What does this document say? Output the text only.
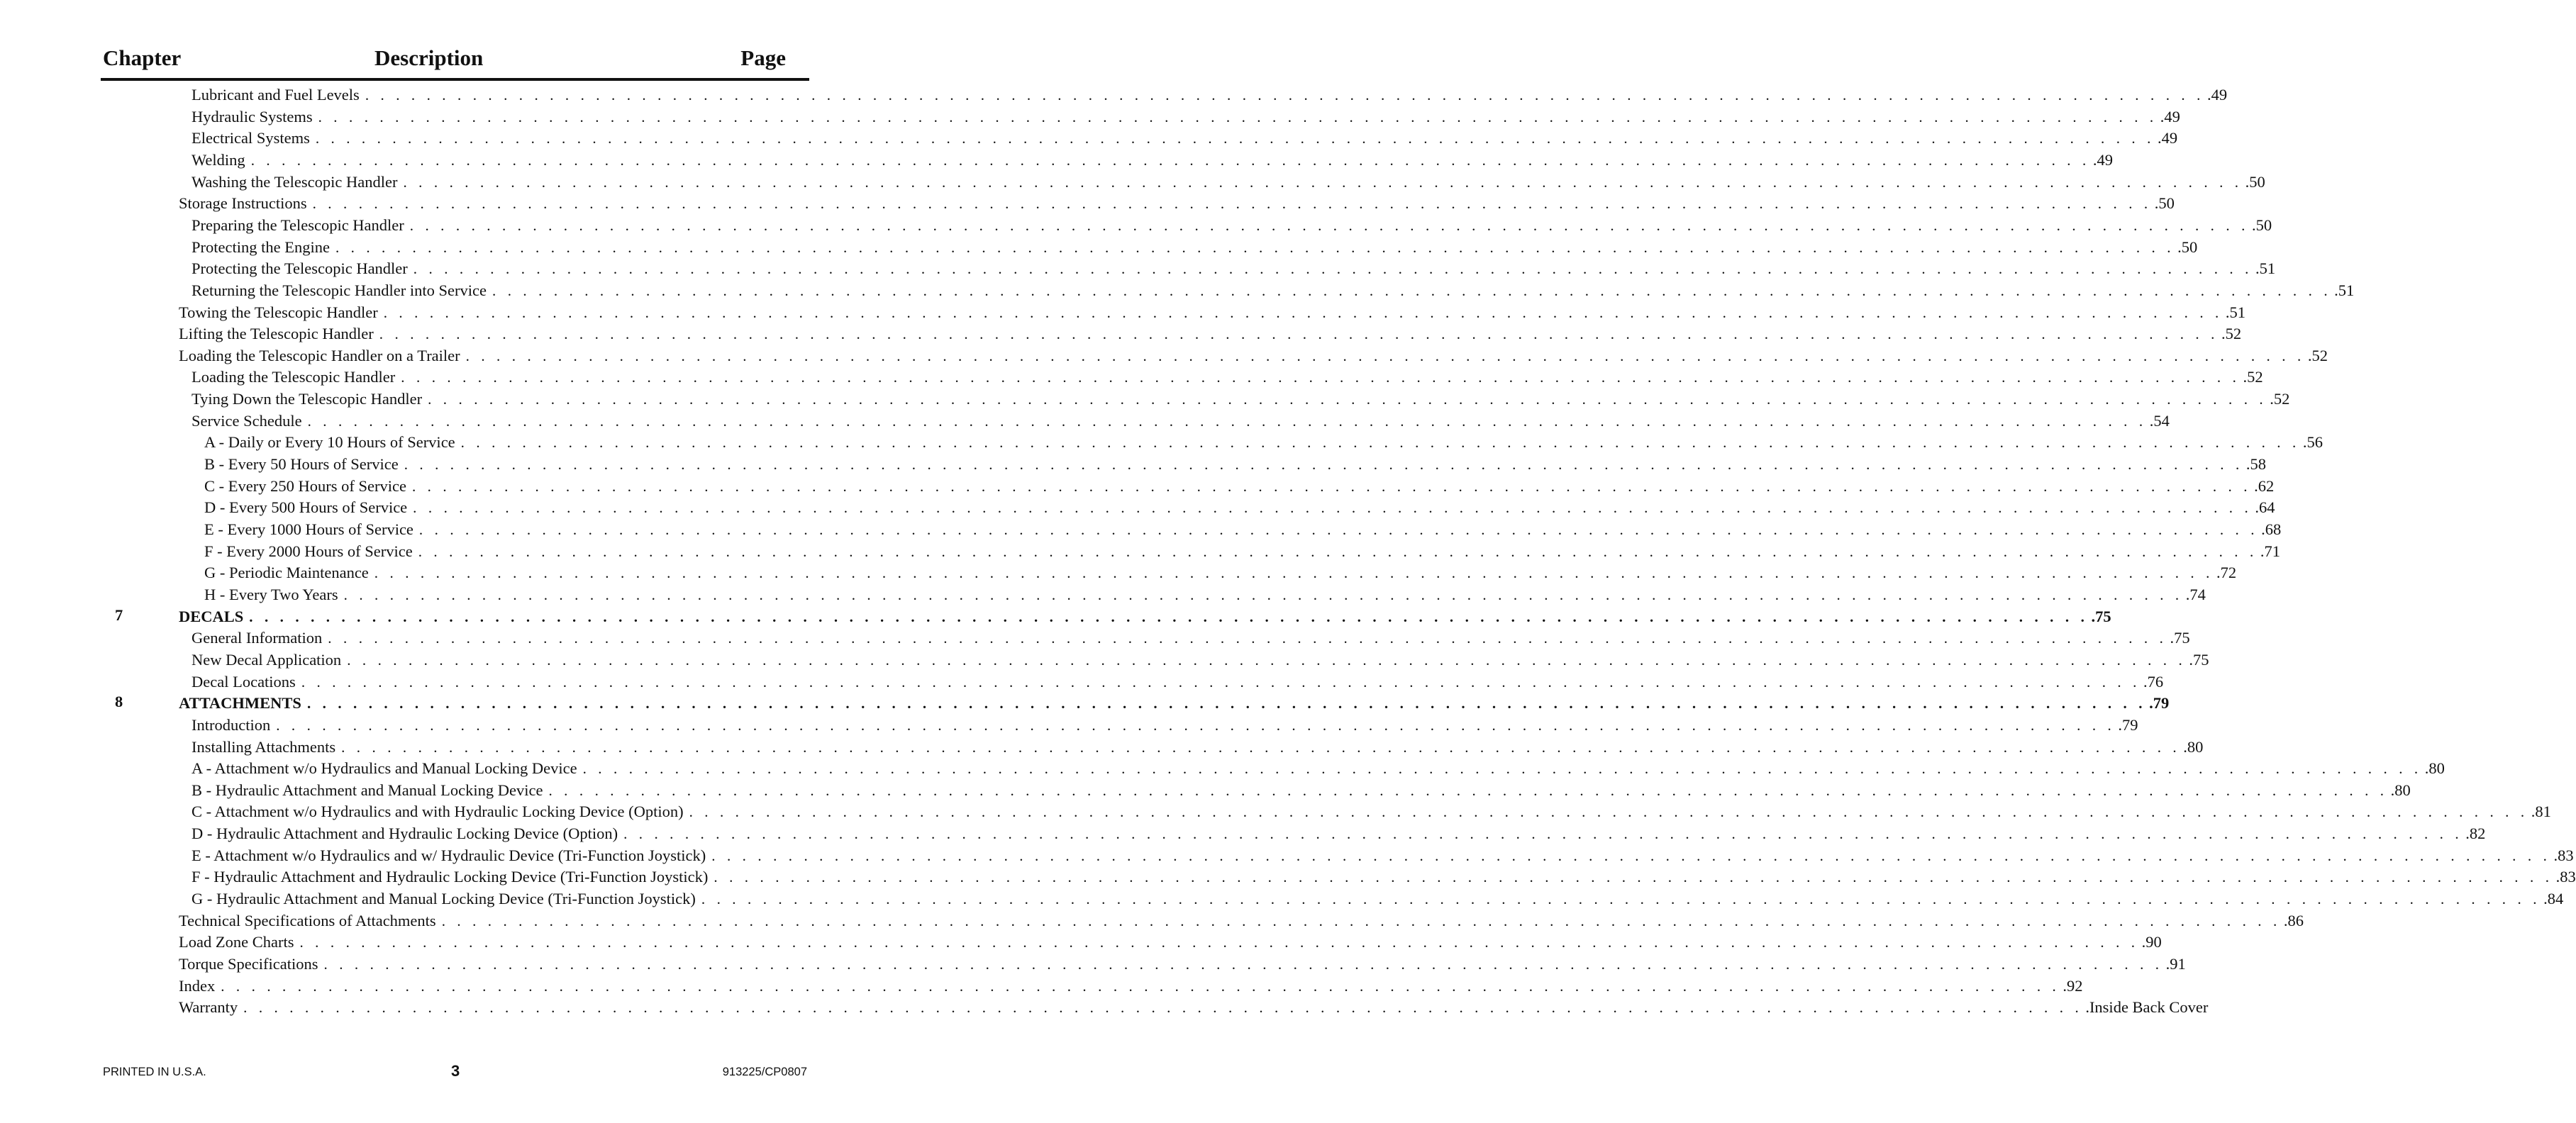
Chapter	Description	Page
Lubricant and Fuel Levels . . . . . . . . . . . . . . . . . . . . . . . . . . . . . . . . . . . . . . . . . . . . . . . . . . . . . . . . . . . . . . . . . . . . . . . . . . . . . . . . . . . . . . . . . . . . . . . . . . . . . . . . . . . . . . . . . . . . . . . . .49
Hydraulic Systems . . . . . . . . . . . . . . . . . . . . . . . . . . . . . . . . . . . . . . . . . . . . . . . . . . . . . . . . . . . . . . . . . . . . . . . . . . . . . . . . . . . . . . . . . . . . . . . . . . . . . . . . . . . . . . . . . . . . . . . . .49
Electrical Systems . . . . . . . . . . . . . . . . . . . . . . . . . . . . . . . . . . . . . . . . . . . . . . . . . . . . . . . . . . . . . . . . . . . . . . . . . . . . . . . . . . . . . . . . . . . . . . . . . . . . . . . . . . . . . . . . . . . . . . . . .49
Welding . . . . . . . . . . . . . . . . . . . . . . . . . . . . . . . . . . . . . . . . . . . . . . . . . . . . . . . . . . . . . . . . . . . . . . . . . . . . . . . . . . . . . . . . . . . . . . . . . . . . . . . . . . . . . . . . . . . . . . . . .49
Washing the Telescopic Handler . . . . . . . . . . . . . . . . . . . . . . . . . . . . . . . . . . . . . . . . . . . . . . . . . . . . . . . . . . . . . . . . . . . . . . . . . . . . . . . . . . . . . . . . . . . . . . . . . . . . . . . . . . . . . . . . . . . . . . . . .50
Storage Instructions . . . . . . . . . . . . . . . . . . . . . . . . . . . . . . . . . . . . . . . . . . . . . . . . . . . . . . . . . . . . . . . . . . . . . . . . . . . . . . . . . . . . . . . . . . . . . . . . . . . . . . . . . . . . . . . . . . . . . . . . .50
Preparing the Telescopic Handler . . . . . . . . . . . . . . . . . . . . . . . . . . . . . . . . . . . . . . . . . . . . . . . . . . . . . . . . . . . . . . . . . . . . . . . . . . . . . . . . . . . . . . . . . . . . . . . . . . . . . . . . . . . . . . . . . . . . . . . . .50
Protecting the Engine . . . . . . . . . . . . . . . . . . . . . . . . . . . . . . . . . . . . . . . . . . . . . . . . . . . . . . . . . . . . . . . . . . . . . . . . . . . . . . . . . . . . . . . . . . . . . . . . . . . . . . . . . . . . . . . . . . . . . . . . .50
Protecting the Telescopic Handler . . . . . . . . . . . . . . . . . . . . . . . . . . . . . . . . . . . . . . . . . . . . . . . . . . . . . . . . . . . . . . . . . . . . . . . . . . . . . . . . . . . . . . . . . . . . . . . . . . . . . . . . . . . . . . . . . . . . . . . . .51
Returning the Telescopic Handler into Service . . . . . . . . . . . . . . . . . . . . . . . . . . . . . . . . . . . . . . . . . . . . . . . . . . . . . . . . . . . . . . . . . . . . . . . . . . . . . . . . . . . . . . . . . . . . . . . . . . . . . . . . . . . . . . . . . . . . . . . . .51
Towing the Telescopic Handler . . . . . . . . . . . . . . . . . . . . . . . . . . . . . . . . . . . . . . . . . . . . . . . . . . . . . . . . . . . . . . . . . . . . . . . . . . . . . . . . . . . . . . . . . . . . . . . . . . . . . . . . . . . . . . . . . . . . . . . . .51
Lifting the Telescopic Handler . . . . . . . . . . . . . . . . . . . . . . . . . . . . . . . . . . . . . . . . . . . . . . . . . . . . . . . . . . . . . . . . . . . . . . . . . . . . . . . . . . . . . . . . . . . . . . . . . . . . . . . . . . . . . . . . . . . . . . . . .52
Loading the Telescopic Handler on a Trailer . . . . . . . . . . . . . . . . . . . . . . . . . . . . . . . . . . . . . . . . . . . . . . . . . . . . . . . . . . . . . . . . . . . . . . . . . . . . . . . . . . . . . . . . . . . . . . . . . . . . . . . . . . . . . . . . . . . . . . . . .52
Loading the Telescopic Handler . . . . . . . . . . . . . . . . . . . . . . . . . . . . . . . . . . . . . . . . . . . . . . . . . . . . . . . . . . . . . . . . . . . . . . . . . . . . . . . . . . . . . . . . . . . . . . . . . . . . . . . . . . . . . . . . . . . . . . . . .52
Tying Down the Telescopic Handler . . . . . . . . . . . . . . . . . . . . . . . . . . . . . . . . . . . . . . . . . . . . . . . . . . . . . . . . . . . . . . . . . . . . . . . . . . . . . . . . . . . . . . . . . . . . . . . . . . . . . . . . . . . . . . . . . . . . . . . . .52
Service Schedule . . . . . . . . . . . . . . . . . . . . . . . . . . . . . . . . . . . . . . . . . . . . . . . . . . . . . . . . . . . . . . . . . . . . . . . . . . . . . . . . . . . . . . . . . . . . . . . . . . . . . . . . . . . . . . . . . . . . . . . . .54
A - Daily or Every 10 Hours of Service . . . . . . . . . . . . . . . . . . . . . . . . . . . . . . . . . . . . . . . . . . . . . . . . . . . . . . . . . . . . . . . . . . . . . . . . . . . . . . . . . . . . . . . . . . . . . . . . . . . . . . . . . . . . . . . . . . . . . . . . .56
B - Every 50 Hours of Service . . . . . . . . . . . . . . . . . . . . . . . . . . . . . . . . . . . . . . . . . . . . . . . . . . . . . . . . . . . . . . . . . . . . . . . . . . . . . . . . . . . . . . . . . . . . . . . . . . . . . . . . . . . . . . . . . . . . . . . . .58
C - Every 250 Hours of Service . . . . . . . . . . . . . . . . . . . . . . . . . . . . . . . . . . . . . . . . . . . . . . . . . . . . . . . . . . . . . . . . . . . . . . . . . . . . . . . . . . . . . . . . . . . . . . . . . . . . . . . . . . . . . . . . . . . . . . . . .62
D - Every 500 Hours of Service . . . . . . . . . . . . . . . . . . . . . . . . . . . . . . . . . . . . . . . . . . . . . . . . . . . . . . . . . . . . . . . . . . . . . . . . . . . . . . . . . . . . . . . . . . . . . . . . . . . . . . . . . . . . . . . . . . . . . . . . .64
E - Every 1000 Hours of Service . . . . . . . . . . . . . . . . . . . . . . . . . . . . . . . . . . . . . . . . . . . . . . . . . . . . . . . . . . . . . . . . . . . . . . . . . . . . . . . . . . . . . . . . . . . . . . . . . . . . . . . . . . . . . . . . . . . . . . . . .68
F - Every 2000 Hours of Service . . . . . . . . . . . . . . . . . . . . . . . . . . . . . . . . . . . . . . . . . . . . . . . . . . . . . . . . . . . . . . . . . . . . . . . . . . . . . . . . . . . . . . . . . . . . . . . . . . . . . . . . . . . . . . . . . . . . . . . . .71
G - Periodic Maintenance . . . . . . . . . . . . . . . . . . . . . . . . . . . . . . . . . . . . . . . . . . . . . . . . . . . . . . . . . . . . . . . . . . . . . . . . . . . . . . . . . . . . . . . . . . . . . . . . . . . . . . . . . . . . . . . . . . . . . . . . .72
H - Every Two Years . . . . . . . . . . . . . . . . . . . . . . . . . . . . . . . . . . . . . . . . . . . . . . . . . . . . . . . . . . . . . . . . . . . . . . . . . . . . . . . . . . . . . . . . . . . . . . . . . . . . . . . . . . . . . . . . . . . . . . . . .74
7	DECALS . . . . . . . . . . . . . . . . . . . . . . . . . . . . . . . . . . . . . . . . . . . . . . . . . . . . . . . . . . . . . . . . . . . . . . . . . . . . . . . . . . . . . . . . . . . . . . . . . . . . . . . . . . . . . . . . . . . . . . . . .75
General Information . . . . . . . . . . . . . . . . . . . . . . . . . . . . . . . . . . . . . . . . . . . . . . . . . . . . . . . . . . . . . . . . . . . . . . . . . . . . . . . . . . . . . . . . . . . . . . . . . . . . . . . . . . . . . . . . . . . . . . . . .75
New Decal Application . . . . . . . . . . . . . . . . . . . . . . . . . . . . . . . . . . . . . . . . . . . . . . . . . . . . . . . . . . . . . . . . . . . . . . . . . . . . . . . . . . . . . . . . . . . . . . . . . . . . . . . . . . . . . . . . . . . . . . . . .75
Decal Locations . . . . . . . . . . . . . . . . . . . . . . . . . . . . . . . . . . . . . . . . . . . . . . . . . . . . . . . . . . . . . . . . . . . . . . . . . . . . . . . . . . . . . . . . . . . . . . . . . . . . . . . . . . . . . . . . . . . . . . . . .76
8	ATTACHMENTS . . . . . . . . . . . . . . . . . . . . . . . . . . . . . . . . . . . . . . . . . . . . . . . . . . . . . . . . . . . . . . . . . . . . . . . . . . . . . . . . . . . . . . . . . . . . . . . . . . . . . . . . . . . . . . . . . . . . . . . . .79
Introduction . . . . . . . . . . . . . . . . . . . . . . . . . . . . . . . . . . . . . . . . . . . . . . . . . . . . . . . . . . . . . . . . . . . . . . . . . . . . . . . . . . . . . . . . . . . . . . . . . . . . . . . . . . . . . . . . . . . . . . . . .79
Installing Attachments . . . . . . . . . . . . . . . . . . . . . . . . . . . . . . . . . . . . . . . . . . . . . . . . . . . . . . . . . . . . . . . . . . . . . . . . . . . . . . . . . . . . . . . . . . . . . . . . . . . . . . . . . . . . . . . . . . . . . . . . .80
A - Attachment w/o Hydraulics and Manual Locking Device . . . . . . . . . . . . . . . . . . . . . . . . . . . . . . . . . . . . . . . . . . . . . . . . . . . . . . . . . . . . . . . . . . . . . . . . . . . . . . . . . . . . . . . . . . . . . . . . . . . . . . . . . . . . . . . . . . . . . . . . .80
B - Hydraulic Attachment and Manual Locking Device . . . . . . . . . . . . . . . . . . . . . . . . . . . . . . . . . . . . . . . . . . . . . . . . . . . . . . . . . . . . . . . . . . . . . . . . . . . . . . . . . . . . . . . . . . . . . . . . . . . . . . . . . . . . . . . . . . . . . . . . .80
C - Attachment w/o Hydraulics and with Hydraulic Locking Device (Option) . . . . . . . . . . . . . . . . . . . . . . . . . . . . . . . . . . . . . . . . . . . . . . . . . . . . . . . . . . . . . . . . . . . . . . . . . . . . . . . . . . . . . . . . . . . . . . . . . . . . . . . . . . . . . . . . . . . . . . . . .81
D - Hydraulic Attachment and Hydraulic Locking Device (Option) . . . . . . . . . . . . . . . . . . . . . . . . . . . . . . . . . . . . . . . . . . . . . . . . . . . . . . . . . . . . . . . . . . . . . . . . . . . . . . . . . . . . . . . . . . . . . . . . . . . . . . . . . . . . . . . . . . . . . . . . .82
E - Attachment w/o Hydraulics and w/ Hydraulic Device (Tri-Function Joystick) . . . . . . . . . . . . . . . . . . . . . . . . . . . . . . . . . . . . . . . . . . . . . . . . . . . . . . . . . . . . . . . . . . . . . . . . . . . . . . . . . . . . . . . . . . . . . . . . . . . . . . . . . . . . . . . . . . . . . . . . .83
F - Hydraulic Attachment and Hydraulic Locking Device (Tri-Function Joystick) . . . . . . . . . . . . . . . . . . . . . . . . . . . . . . . . . . . . . . . . . . . . . . . . . . . . . . . . . . . . . . . . . . . . . . . . . . . . . . . . . . . . . . . . . . . . . . . . . . . . . . . . . . . . . . . . . . . . . . . . .83
G - Hydraulic Attachment and Manual Locking Device (Tri-Function Joystick) . . . . . . . . . . . . . . . . . . . . . . . . . . . . . . . . . . . . . . . . . . . . . . . . . . . . . . . . . . . . . . . . . . . . . . . . . . . . . . . . . . . . . . . . . . . . . . . . . . . . . . . . . . . . . . . . . . . . . . . . .84
Technical Specifications of Attachments . . . . . . . . . . . . . . . . . . . . . . . . . . . . . . . . . . . . . . . . . . . . . . . . . . . . . . . . . . . . . . . . . . . . . . . . . . . . . . . . . . . . . . . . . . . . . . . . . . . . . . . . . . . . . . . . . . . . . . . . .86
Load Zone Charts . . . . . . . . . . . . . . . . . . . . . . . . . . . . . . . . . . . . . . . . . . . . . . . . . . . . . . . . . . . . . . . . . . . . . . . . . . . . . . . . . . . . . . . . . . . . . . . . . . . . . . . . . . . . . . . . . . . . . . . . .90
Torque Specifications . . . . . . . . . . . . . . . . . . . . . . . . . . . . . . . . . . . . . . . . . . . . . . . . . . . . . . . . . . . . . . . . . . . . . . . . . . . . . . . . . . . . . . . . . . . . . . . . . . . . . . . . . . . . . . . . . . . . . . . . .91
Index . . . . . . . . . . . . . . . . . . . . . . . . . . . . . . . . . . . . . . . . . . . . . . . . . . . . . . . . . . . . . . . . . . . . . . . . . . . . . . . . . . . . . . . . . . . . . . . . . . . . . . . . . . . . . . . . . . . . . . . . .92
Warranty . . . . . . . . . . . . . . . . . . . . . . . . . . . . . . . . . . . . . . . . . . . . . . . . . . . . . . . . . . . . . . . . . . . . . . . . . . . . . . . . . . . . . . . . . . . . . . . . . . . . . . . . . . . . . . . . . . . . . . . . .Inside Back Cover
PRINTED IN U.S.A.	3	913225/CP0807
